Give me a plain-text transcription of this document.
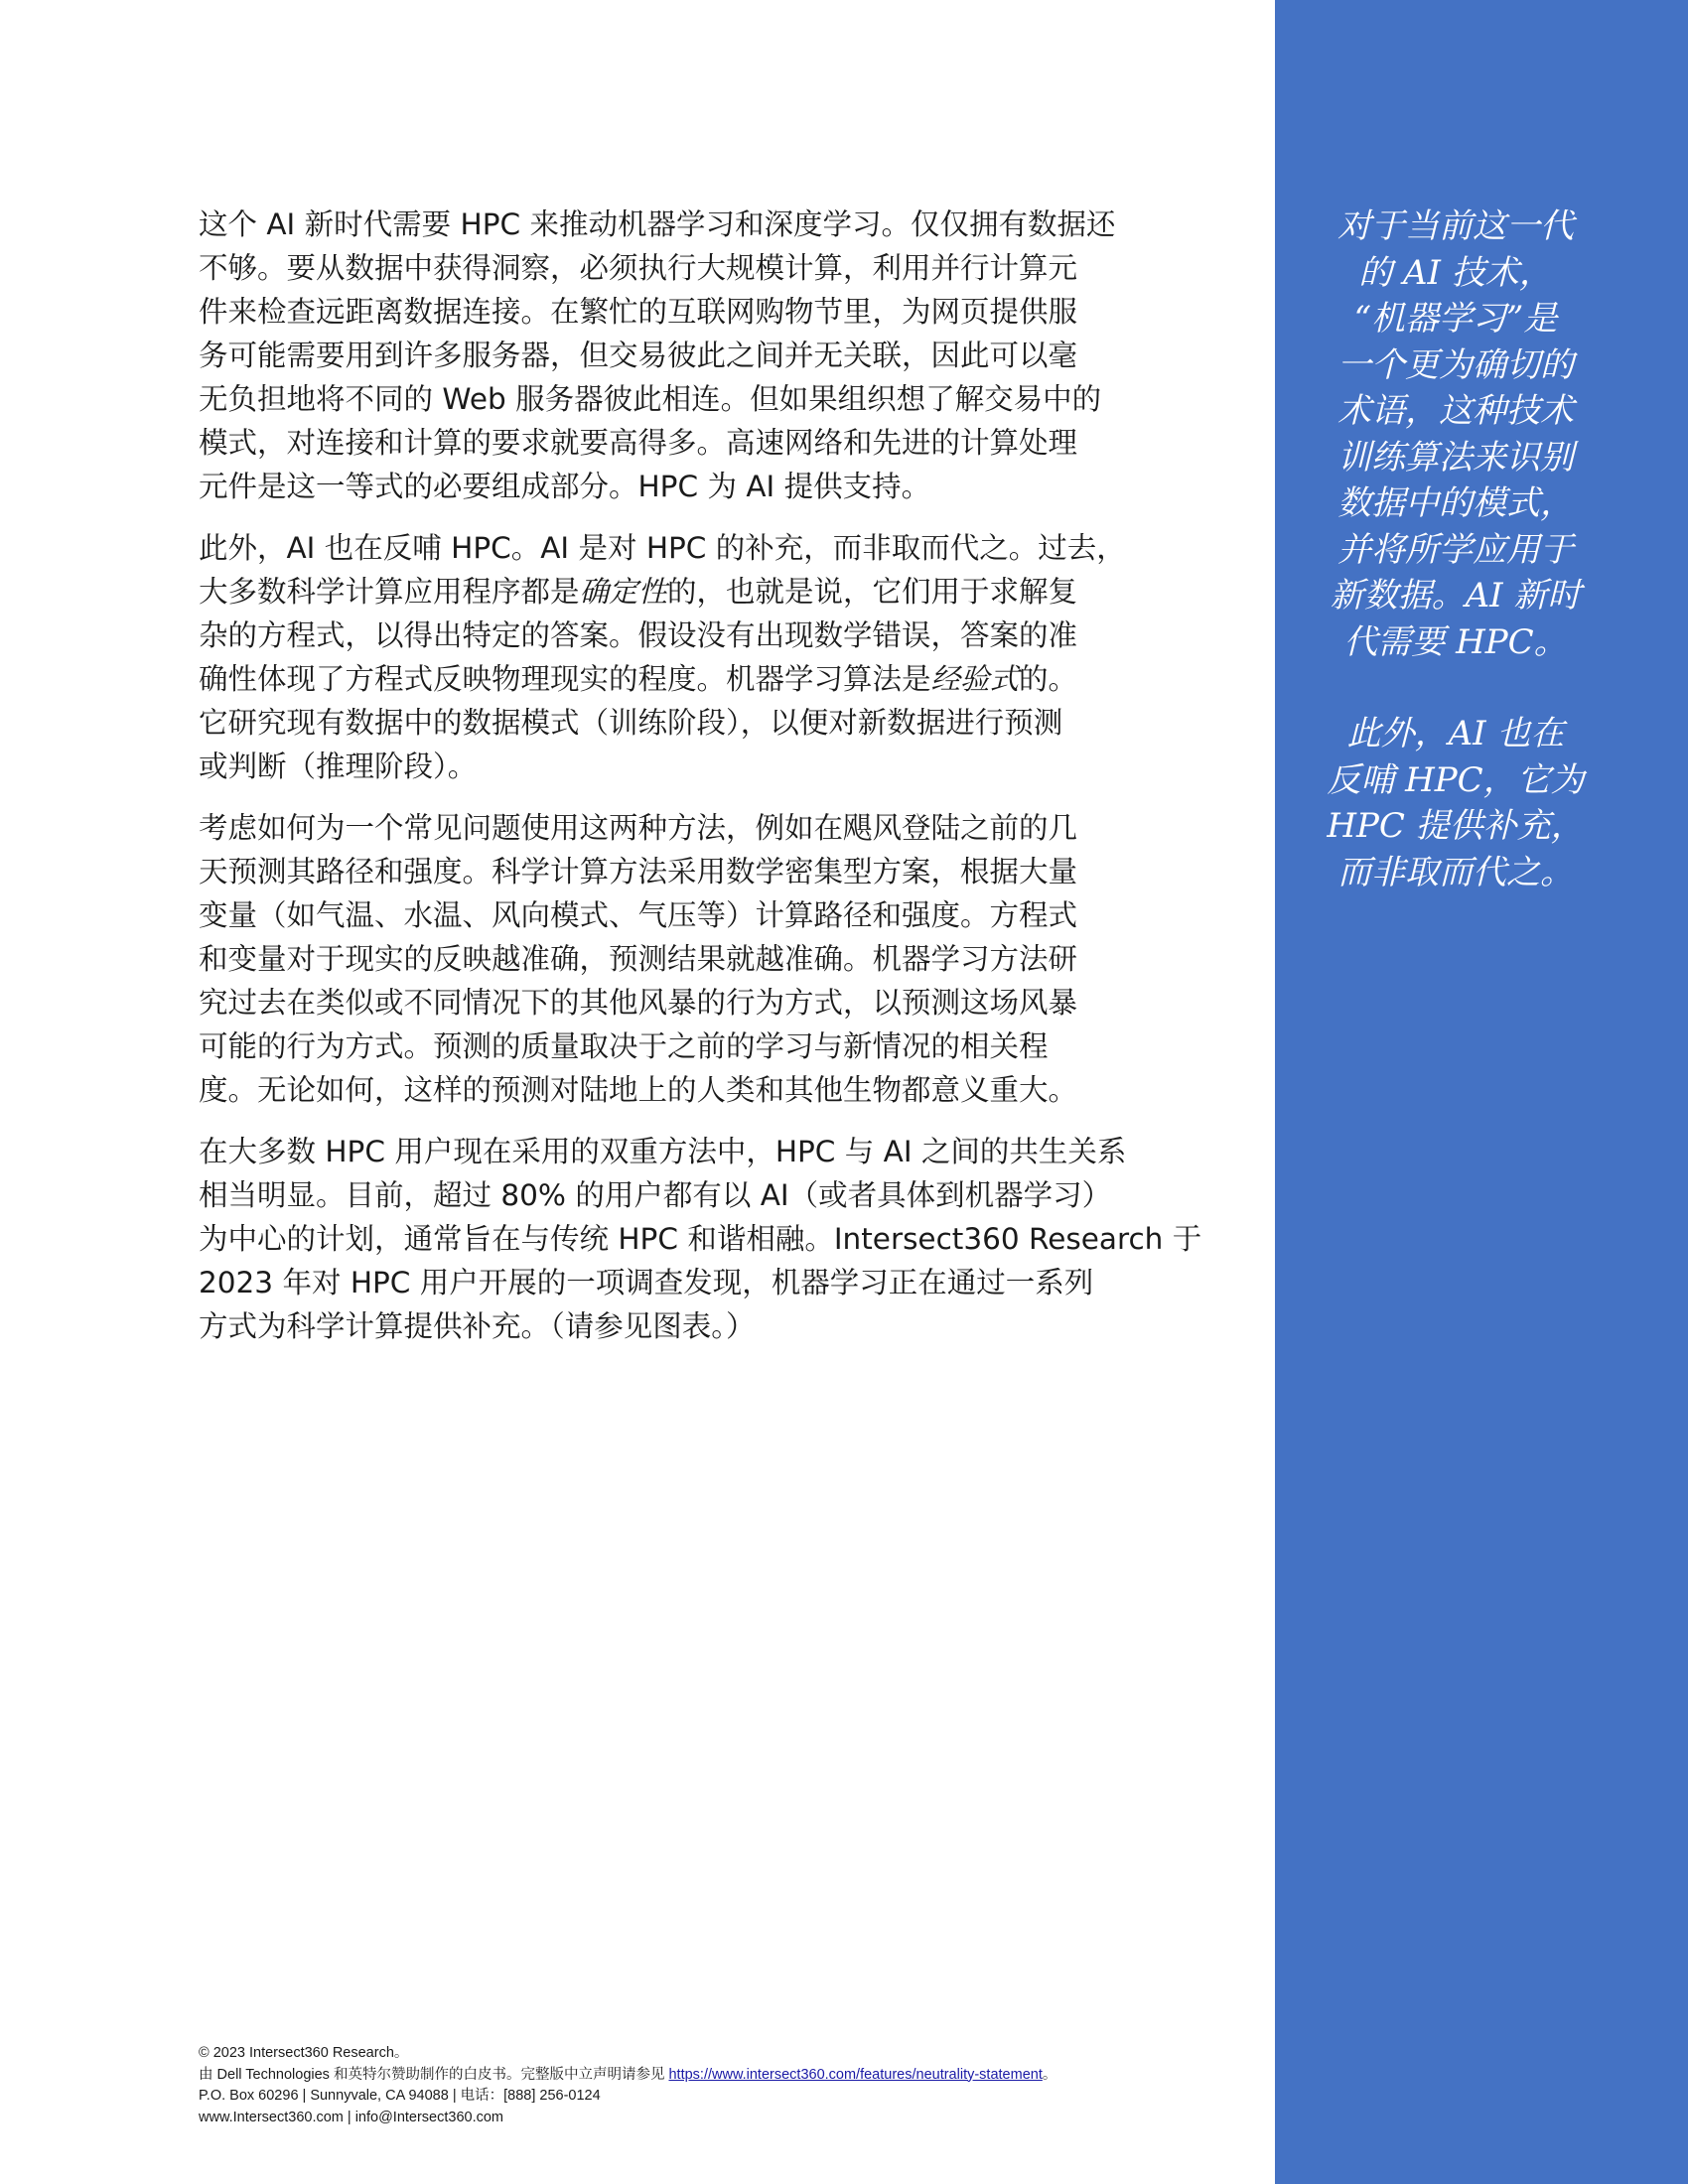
对于当前这一代
的 AI 技术，
“机器学习”是
一个更为确切的
术语，这种技术
训练算法来识别
数据中的模式，
并将所学应用于
新数据。AI 新时
代需要 HPC。

此外，AI 也在
反哺 HPC，它为
HPC 提供补充，
而非取而代之。

这个 AI 新时代需要 HPC 来推动机器学习和深度学习。仅仅拥有数据还
不够。要从数据中获得洞察，必须执行大规模计算，利用并行计算元
件来检查远距离数据连接。在繁忙的互联网购物节里，为网页提供服
务可能需要用到许多服务器，但交易彼此之间并无关联，因此可以毫
无负担地将不同的 Web 服务器彼此相连。但如果组织想了解交易中的
模式，对连接和计算的要求就要高得多。高速网络和先进的计算处理
元件是这一等式的必要组成部分。HPC 为 AI 提供支持。

此外，AI 也在反哺 HPC。AI 是对 HPC 的补充，而非取而代之。过去，
大多数科学计算应用程序都是确定性的，也就是说，它们用于求解复
杂的方程式，以得出特定的答案。假设没有出现数学错误，答案的准
确性体现了方程式反映物理现实的程度。机器学习算法是经验式的。
它研究现有数据中的数据模式（训练阶段），以便对新数据进行预测
或判断（推理阶段）。

考虑如何为一个常见问题使用这两种方法，例如在飓风登陆之前的几
天预测其路径和强度。科学计算方法采用数学密集型方案，根据大量
变量（如气温、水温、风向模式、气压等）计算路径和强度。方程式
和变量对于现实的反映越准确，预测结果就越准确。机器学习方法研
究过去在类似或不同情况下的其他风暴的行为方式，以预测这场风暴
可能的行为方式。预测的质量取决于之前的学习与新情况的相关程
度。无论如何，这样的预测对陆地上的人类和其他生物都意义重大。

在大多数 HPC 用户现在采用的双重方法中，HPC 与 AI 之间的共生关系
相当明显。目前，超过 80% 的用户都有以 AI（或者具体到机器学习）
为中心的计划，通常旨在与传统 HPC 和谐相融。Intersect360 Research 于
2023 年对 HPC 用户开展的一项调查发现，机器学习正在通过一系列
方式为科学计算提供补充。（请参见图表。）

© 2023 Intersect360 Research。
由 Dell Technologies 和英特尔赞助制作的白皮书。完整版中立声明请参见 https://www.intersect360.com/features/neutrality-statement。
P.O. Box 60296 | Sunnyvale, CA 94088 | 电话：[888] 256-0124
www.Intersect360.com | info@Intersect360.com
